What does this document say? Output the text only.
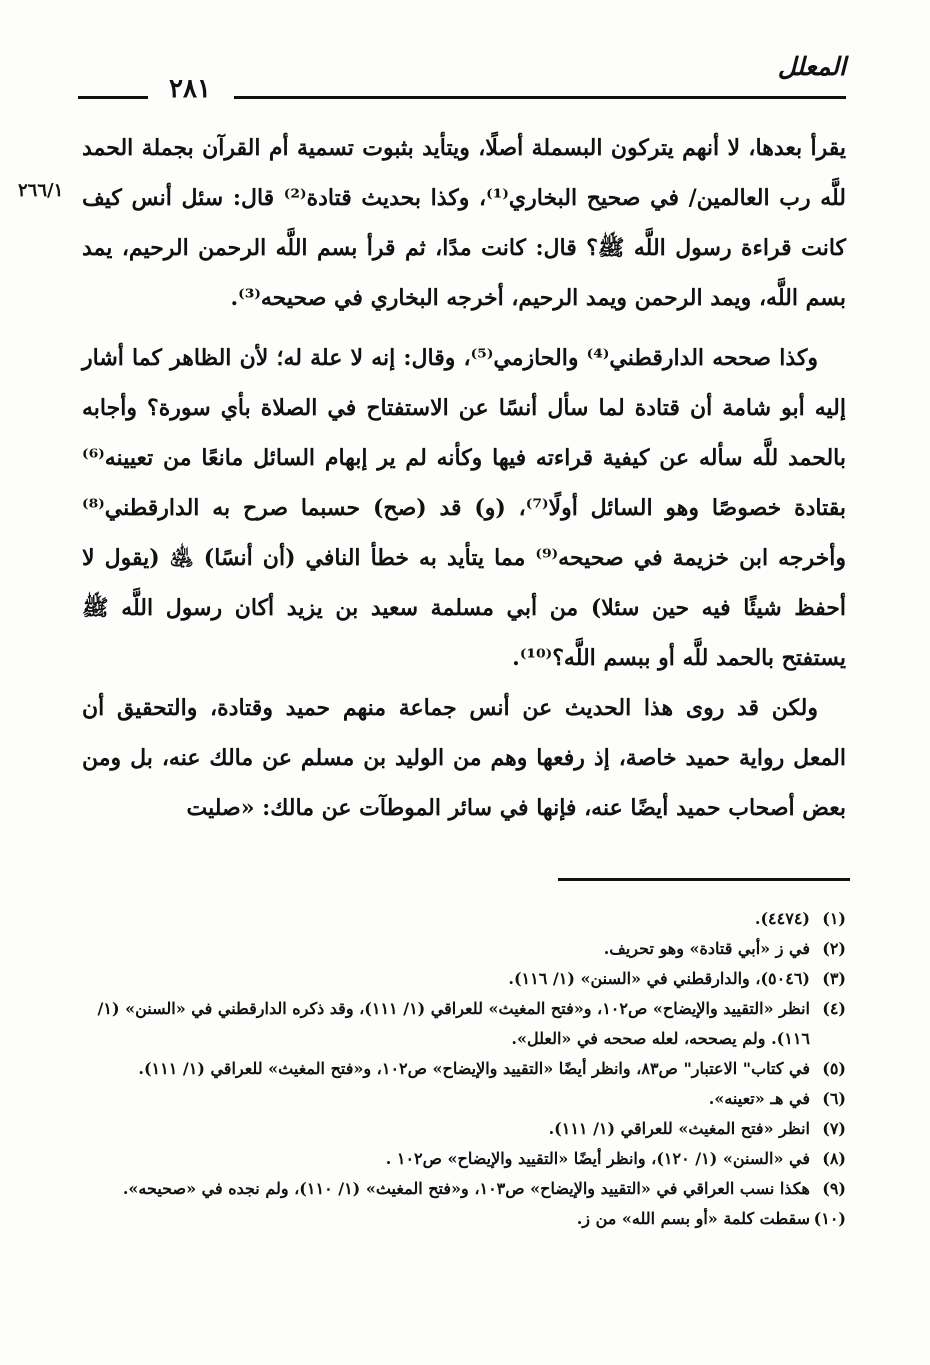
المعلل
٢٨١
٢٦٦/١

يقرأ بعدها، لا أنهم يتركون البسملة أصلًا، ويتأيد بثبوت تسمية أم القرآن بجملة الحمد للَّه رب العالمين/ في صحيح البخاري⁽¹⁾، وكذا بحديث قتادة⁽²⁾ قال: سئل أنس كيف كانت قراءة رسول اللَّه ﷺ؟ قال: كانت مدًا، ثم قرأ بسم اللَّه الرحمن الرحيم، يمد بسم اللَّه، ويمد الرحمن ويمد الرحيم، أخرجه البخاري في صحيحه⁽³⁾.

وكذا صححه الدارقطني⁽⁴⁾ والحازمي⁽⁵⁾، وقال: إنه لا علة له؛ لأن الظاهر كما أشار إليه أبو شامة أن قتادة لما سأل أنسًا عن الاستفتاح في الصلاة بأي سورة؟ وأجابه بالحمد للَّه سأله عن كيفية قراءته فيها وكأنه لم ير إبهام السائل مانعًا من تعيينه⁽⁶⁾ بقتادة خصوصًا وهو السائل أولًا⁽⁷⁾، (و) قد (صح) حسبما صرح به الدارقطني⁽⁸⁾ وأخرجه ابن خزيمة في صحيحه⁽⁹⁾ مما يتأيد به خطأ النافي (أن أنسًا) ﵁ (يقول لا أحفظ شيئًا فيه حين سئلا) من أبي مسلمة سعيد بن يزيد أكان رسول اللَّه ﷺ يستفتح بالحمد للَّه أو ببسم اللَّه؟⁽¹⁰⁾.

ولكن قد روى هذا الحديث عن أنس جماعة منهم حميد وقتادة، والتحقيق أن المعل رواية حميد خاصة، إذ رفعها وهم من الوليد بن مسلم عن مالك عنه، بل ومن بعض أصحاب حميد أيضًا عنه، فإنها في سائر الموطآت عن مالك: «صليت

(١)(٤٤٧٤).

(٢)في ز «أبي قتادة» وهو تحريف.

(٣)(٥٠٤٦)، والدارقطني في «السنن» (١/ ١١٦).

(٤)انظر «التقييد والإيضاح» ص١٠٢، و«فتح المغيث» للعراقي (١/ ١١١)، وقد ذكره الدارقطني في «السنن» (١/ ١١٦). ولم يصححه، لعله صححه في «العلل».

(٥)في كتاب" الاعتبار" ص٨٣، وانظر أيضًا «التقييد والإيضاح» ص١٠٢، و«فتح المغيث» للعراقي (١/ ١١١).

(٦)في هـ «تعينه».

(٧)انظر «فتح المغيث» للعراقي (١/ ١١١).

(٨)في «السنن» (١/ ١٢٠)، وانظر أيضًا «التقييد والإيضاح» ص١٠٢ .

(٩)هكذا نسب العراقي في «التقييد والإيضاح» ص١٠٣، و«فتح المغيث» (١/ ١١٠)، ولم نجده في «صحيحه».

(١٠)سقطت كلمة «أو بسم الله» من ز.
